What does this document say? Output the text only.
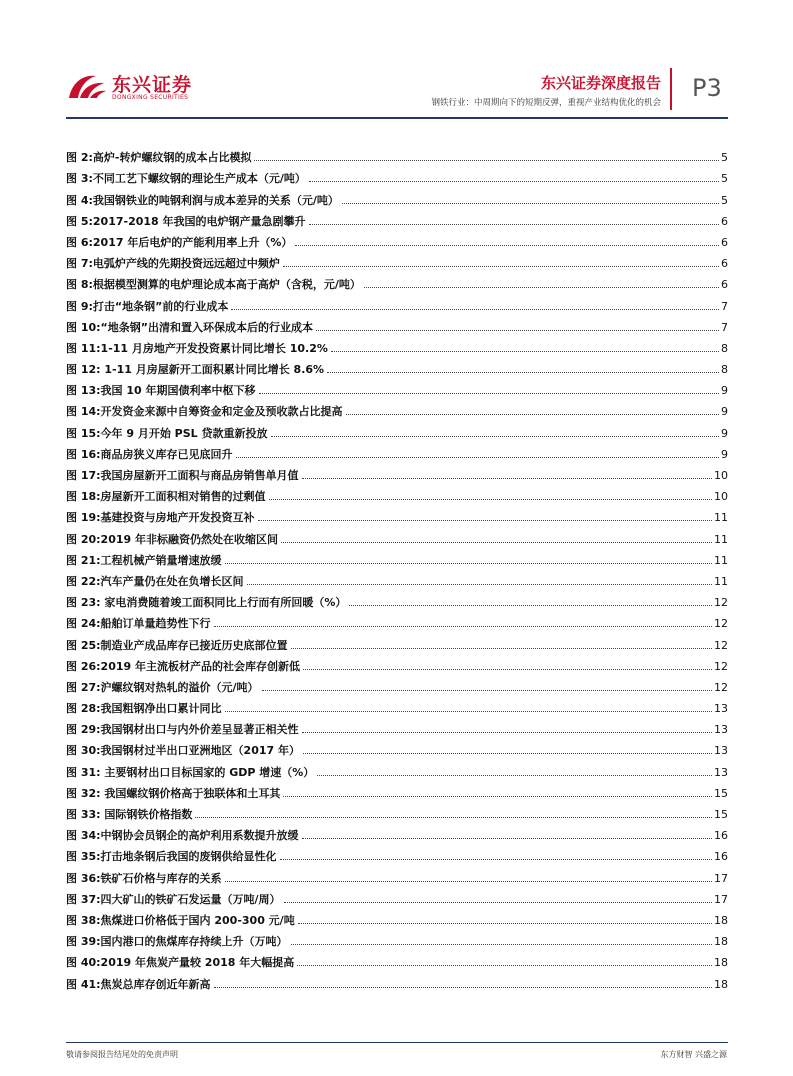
东兴证券
DONGXING SECURITIES
东兴证券深度报告
钢铁行业：中周期向下的短期反弹，重视产业结构优化的机会
P3
图 2:高炉-转炉螺纹钢的成本占比模拟	5
图 3:不同工艺下螺纹钢的理论生产成本（元/吨）	5
图 4:我国钢铁业的吨钢利润与成本差异的关系（元/吨）	5
图 5:2017-2018 年我国的电炉钢产量急剧攀升	6
图 6:2017 年后电炉的产能利用率上升（%）	6
图 7:电弧炉产线的先期投资远远超过中频炉	6
图 8:根据模型测算的电炉理论成本高于高炉（含税，元/吨）	6
图 9:打击“地条钢”前的行业成本	7
图 10:“地条钢”出清和置入环保成本后的行业成本	7
图 11:1-11 月房地产开发投资累计同比增长 10.2%	8
图 12: 1-11 月房屋新开工面积累计同比增长 8.6%	8
图 13:我国 10 年期国债利率中枢下移	9
图 14:开发资金来源中自筹资金和定金及预收款占比提高	9
图 15:今年 9 月开始 PSL 贷款重新投放	9
图 16:商品房狭义库存已见底回升	9
图 17:我国房屋新开工面积与商品房销售单月值	10
图 18:房屋新开工面积相对销售的过剩值	10
图 19:基建投资与房地产开发投资互补	11
图 20:2019 年非标融资仍然处在收缩区间	11
图 21:工程机械产销量增速放缓	11
图 22:汽车产量仍在处在负增长区间	11
图 23: 家电消费随着竣工面积同比上行而有所回暖（%）	12
图 24:船舶订单量趋势性下行	12
图 25:制造业产成品库存已接近历史底部位置	12
图 26:2019 年主流板材产品的社会库存创新低	12
图 27:沪螺纹钢对热轧的溢价（元/吨）	12
图 28:我国粗钢净出口累计同比	13
图 29:我国钢材出口与内外价差呈显著正相关性	13
图 30:我国钢材过半出口亚洲地区（2017 年）	13
图 31: 主要钢材出口目标国家的 GDP 增速（%）	13
图 32: 我国螺纹钢价格高于独联体和土耳其	15
图 33: 国际钢铁价格指数	15
图 34:中钢协会员钢企的高炉利用系数提升放缓	16
图 35:打击地条钢后我国的废钢供给显性化	16
图 36:铁矿石价格与库存的关系	17
图 37:四大矿山的铁矿石发运量（万吨/周）	17
图 38:焦煤进口价格低于国内 200-300 元/吨	18
图 39:国内港口的焦煤库存持续上升（万吨）	18
图 40:2019 年焦炭产量较 2018 年大幅提高	18
图 41:焦炭总库存创近年新高	18
敬请参阅报告结尾处的免责声明	东方财智 兴盛之源
